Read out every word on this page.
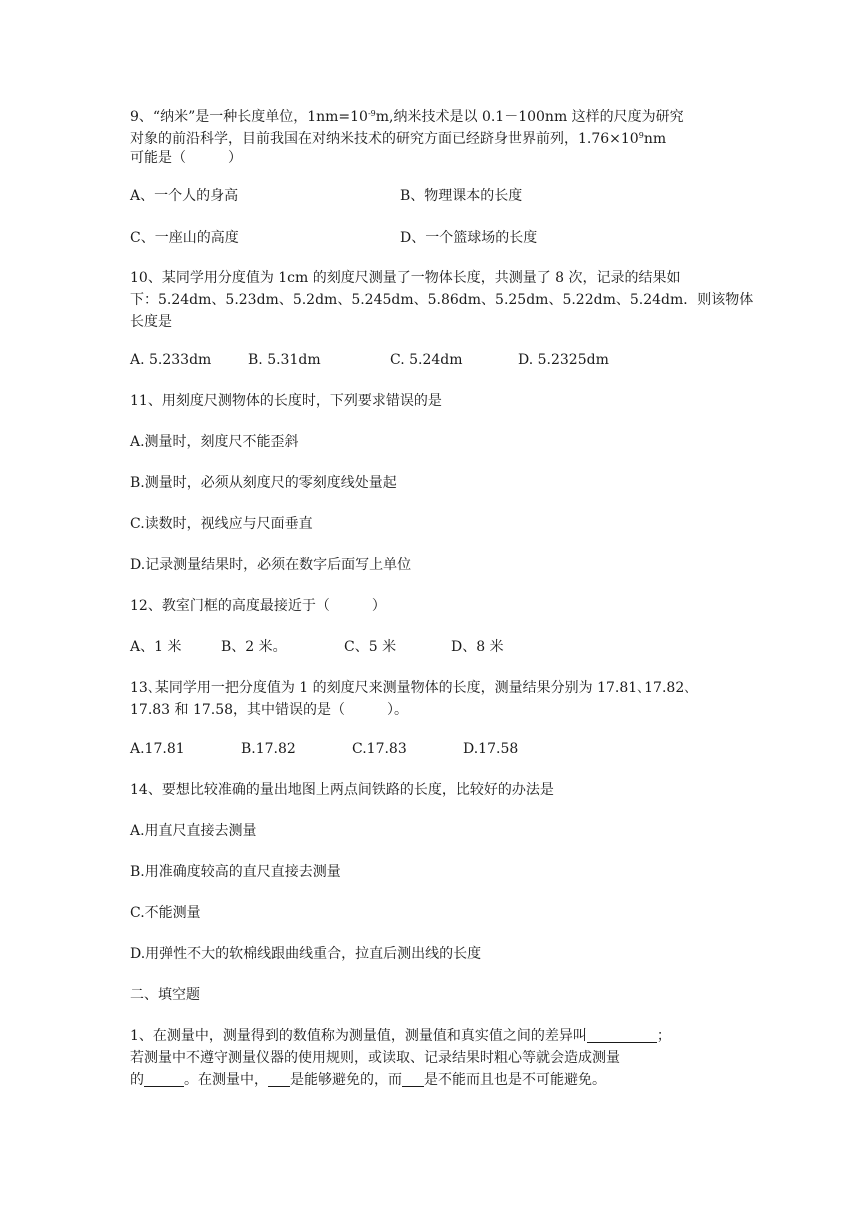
9、“纳米”是一种长度单位，$1nm=10^{-9}m$,纳米技术是以 0.1－100nm 这样的尺度为研究
对象的前沿科学，目前我国在对纳米技术的研究方面已经跻身世界前列，$1.76\times 10^9nm$
可能是（　　　）
A、一个人的身高	B、物理课本的长度
C、一座山的高度	D、一个篮球场的长度
10、某同学用分度值为 1cm 的刻度尺测量了一物体长度，共测量了 8 次，记录的结果如
下：5.24dm、5.23dm、5.2dm、5.245dm、5.86dm、5.25dm、5.22dm、5.24dm．则该物体
长度是
A. 5.233dm	B. 5.31dm	C. 5.24dm	D. 5.2325dm
11、用刻度尺测物体的长度时，下列要求错误的是
A.测量时，刻度尺不能歪斜
B.测量时，必须从刻度尺的零刻度线处量起
C.读数时，视线应与尺面垂直
D.记录测量结果时，必须在数字后面写上单位
12、教室门框的高度最接近于（　　　）
A、1 米	B、2 米。	C、5 米	D、8 米
13､某同学用一把分度值为 1 的刻度尺来测量物体的长度，测量结果分别为 17.81､17.82､
17.83 和 17.58，其中错误的是（　　　）。
A.17.81	B.17.82	C.17.83	D.17.58
14、要想比较准确的量出地图上两点间铁路的长度，比较好的办法是
A.用直尺直接去测量
B.用准确度较高的直尺直接去测量
C.不能测量
D.用弹性不大的软棉线跟曲线重合，拉直后测出线的长度
二、填空题
1、在测量中，测量得到的数值称为测量值，测量值和真实值之间的差异叫	；
若测量中不遵守测量仪器的使用规则，或读取、记录结果时粗心等就会造成测量
的	。在测量中， 是能够避免的，而 是不能而且也是不可能避免。
